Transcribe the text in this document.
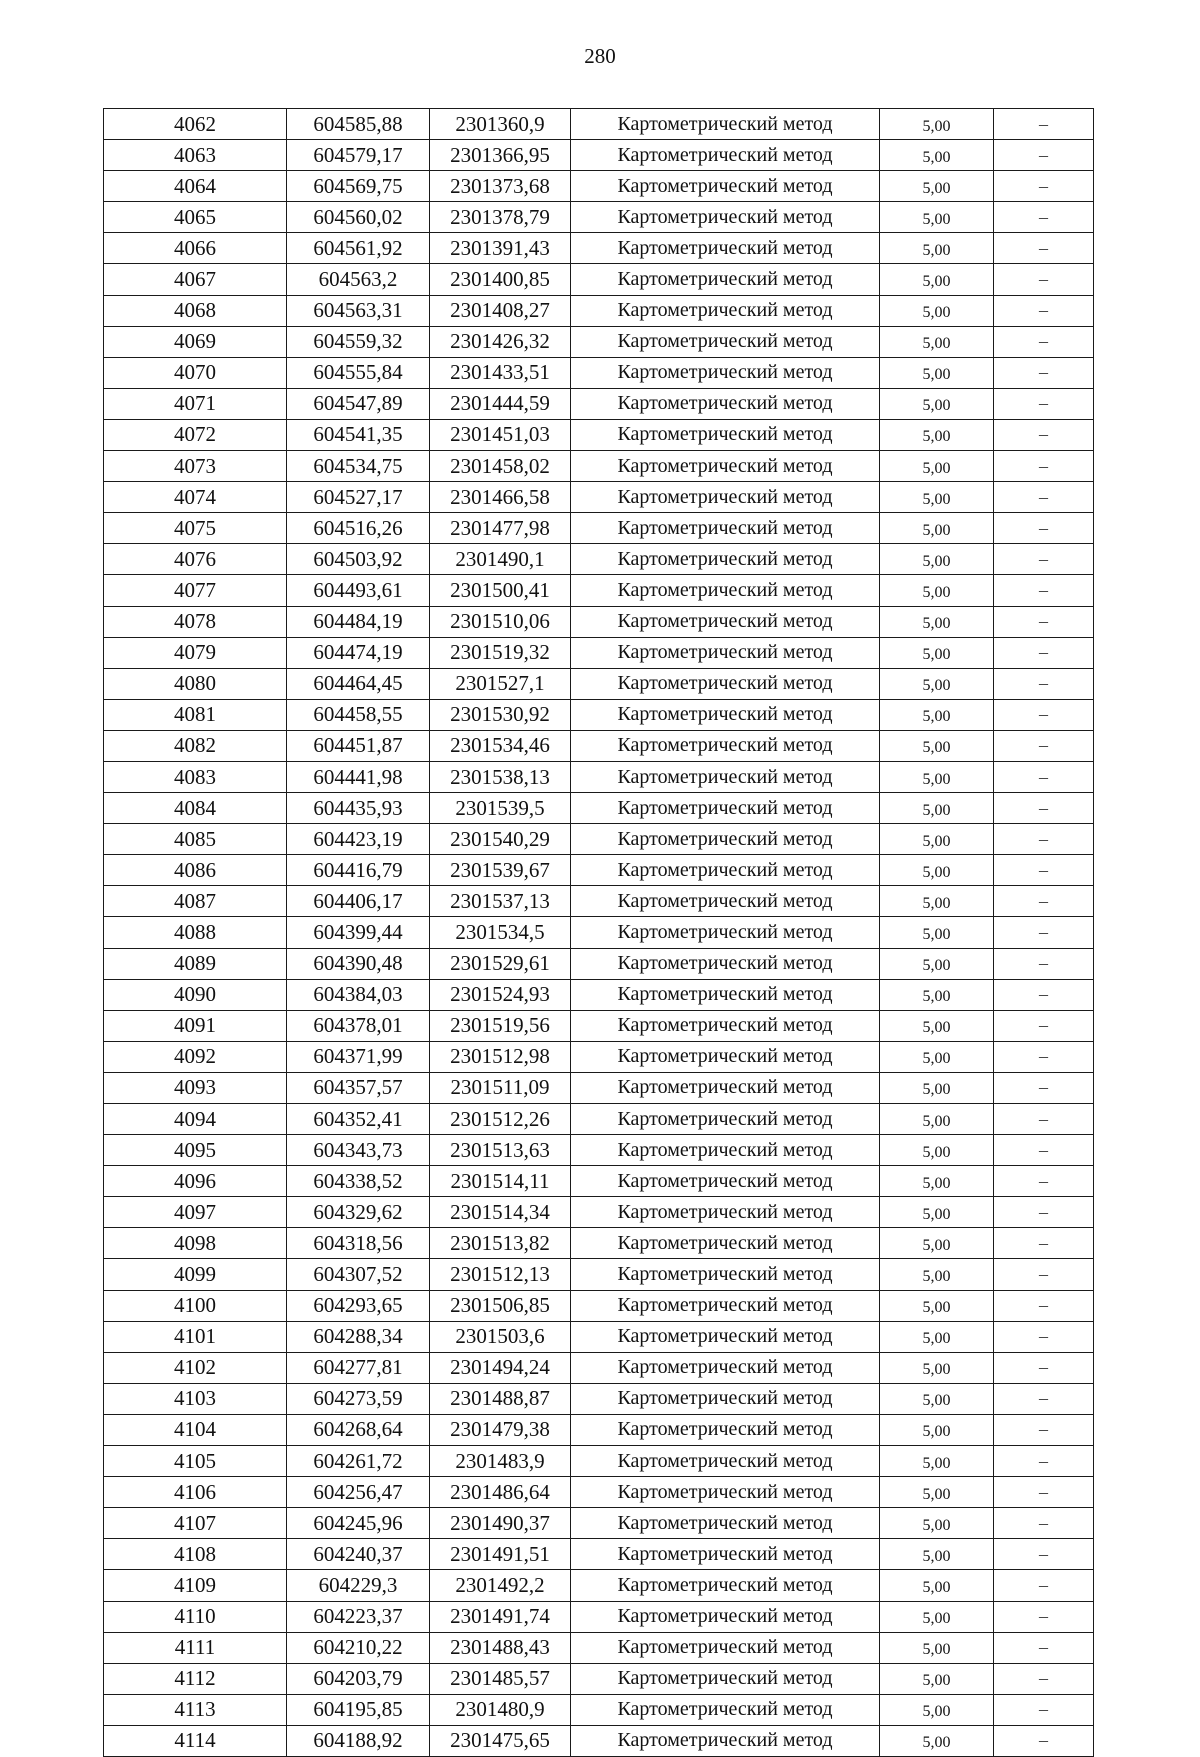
280
4062	604585,88	2301360,9	Картометрический метод	5,00	–
4063	604579,17	2301366,95	Картометрический метод	5,00	–
4064	604569,75	2301373,68	Картометрический метод	5,00	–
4065	604560,02	2301378,79	Картометрический метод	5,00	–
4066	604561,92	2301391,43	Картометрический метод	5,00	–
4067	604563,2	2301400,85	Картометрический метод	5,00	–
4068	604563,31	2301408,27	Картометрический метод	5,00	–
4069	604559,32	2301426,32	Картометрический метод	5,00	–
4070	604555,84	2301433,51	Картометрический метод	5,00	–
4071	604547,89	2301444,59	Картометрический метод	5,00	–
4072	604541,35	2301451,03	Картометрический метод	5,00	–
4073	604534,75	2301458,02	Картометрический метод	5,00	–
4074	604527,17	2301466,58	Картометрический метод	5,00	–
4075	604516,26	2301477,98	Картометрический метод	5,00	–
4076	604503,92	2301490,1	Картометрический метод	5,00	–
4077	604493,61	2301500,41	Картометрический метод	5,00	–
4078	604484,19	2301510,06	Картометрический метод	5,00	–
4079	604474,19	2301519,32	Картометрический метод	5,00	–
4080	604464,45	2301527,1	Картометрический метод	5,00	–
4081	604458,55	2301530,92	Картометрический метод	5,00	–
4082	604451,87	2301534,46	Картометрический метод	5,00	–
4083	604441,98	2301538,13	Картометрический метод	5,00	–
4084	604435,93	2301539,5	Картометрический метод	5,00	–
4085	604423,19	2301540,29	Картометрический метод	5,00	–
4086	604416,79	2301539,67	Картометрический метод	5,00	–
4087	604406,17	2301537,13	Картометрический метод	5,00	–
4088	604399,44	2301534,5	Картометрический метод	5,00	–
4089	604390,48	2301529,61	Картометрический метод	5,00	–
4090	604384,03	2301524,93	Картометрический метод	5,00	–
4091	604378,01	2301519,56	Картометрический метод	5,00	–
4092	604371,99	2301512,98	Картометрический метод	5,00	–
4093	604357,57	2301511,09	Картометрический метод	5,00	–
4094	604352,41	2301512,26	Картометрический метод	5,00	–
4095	604343,73	2301513,63	Картометрический метод	5,00	–
4096	604338,52	2301514,11	Картометрический метод	5,00	–
4097	604329,62	2301514,34	Картометрический метод	5,00	–
4098	604318,56	2301513,82	Картометрический метод	5,00	–
4099	604307,52	2301512,13	Картометрический метод	5,00	–
4100	604293,65	2301506,85	Картометрический метод	5,00	–
4101	604288,34	2301503,6	Картометрический метод	5,00	–
4102	604277,81	2301494,24	Картометрический метод	5,00	–
4103	604273,59	2301488,87	Картометрический метод	5,00	–
4104	604268,64	2301479,38	Картометрический метод	5,00	–
4105	604261,72	2301483,9	Картометрический метод	5,00	–
4106	604256,47	2301486,64	Картометрический метод	5,00	–
4107	604245,96	2301490,37	Картометрический метод	5,00	–
4108	604240,37	2301491,51	Картометрический метод	5,00	–
4109	604229,3	2301492,2	Картометрический метод	5,00	–
4110	604223,37	2301491,74	Картометрический метод	5,00	–
4111	604210,22	2301488,43	Картометрический метод	5,00	–
4112	604203,79	2301485,57	Картометрический метод	5,00	–
4113	604195,85	2301480,9	Картометрический метод	5,00	–
4114	604188,92	2301475,65	Картометрический метод	5,00	–
